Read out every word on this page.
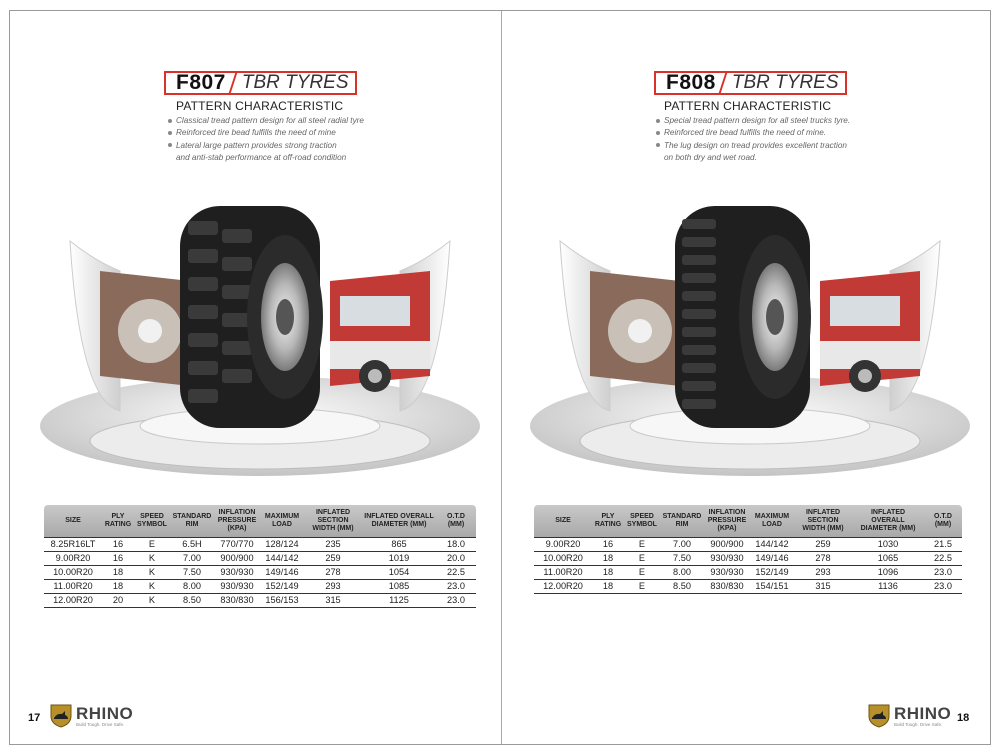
F807 TBR TYRES
PATTERN CHARACTERISTIC
Classical tread pattern design for all steel radial tyre
Reinforced tire bead fulfills the need of mine
Lateral large pattern provides strong traction
and anti-stab performance at off-road condition
SIZE	PLY RATING	SPEED SYMBOL	STANDARD RIM	INFLATION PRESSURE (KPA)	MAXIMUM LOAD	INFLATED SECTION WIDTH (MM)	INFLATED OVERALL DIAMETER (MM)	O.T.D (MM)
8.25R16LT	16	E	6.5H	770/770	128/124	235	865	18.0
9.00R20	16	K	7.00	900/900	144/142	259	1019	20.0
10.00R20	18	K	7.50	930/930	149/146	278	1054	22.5
11.00R20	18	K	8.00	930/930	152/149	293	1085	23.0
12.00R20	20	K	8.50	830/830	156/153	315	1125	23.0
17 RHINO
Build Tough. Drive Safe.
F808 TBR TYRES
PATTERN CHARACTERISTIC
Special tread pattern design for all steel trucks tyre.
Reinforced tire bead fulfills the need of mine.
The lug design on tread provides excellent traction
on both dry and wet road.
SIZE	PLY RATING	SPEED SYMBOL	STANDARD RIM	INFLATION PRESSURE (KPA)	MAXIMUM LOAD	INFLATED SECTION WIDTH (MM)	INFLATED OVERALL DIAMETER (MM)	O.T.D (MM)
9.00R20	16	E	7.00	900/900	144/142	259	1030	21.5
10.00R20	18	E	7.50	930/930	149/146	278	1065	22.5
11.00R20	18	E	8.00	930/930	152/149	293	1096	23.0
12.00R20	18	E	8.50	830/830	154/151	315	1136	23.0
RHINO
Build Tough. Drive Safe.	18
